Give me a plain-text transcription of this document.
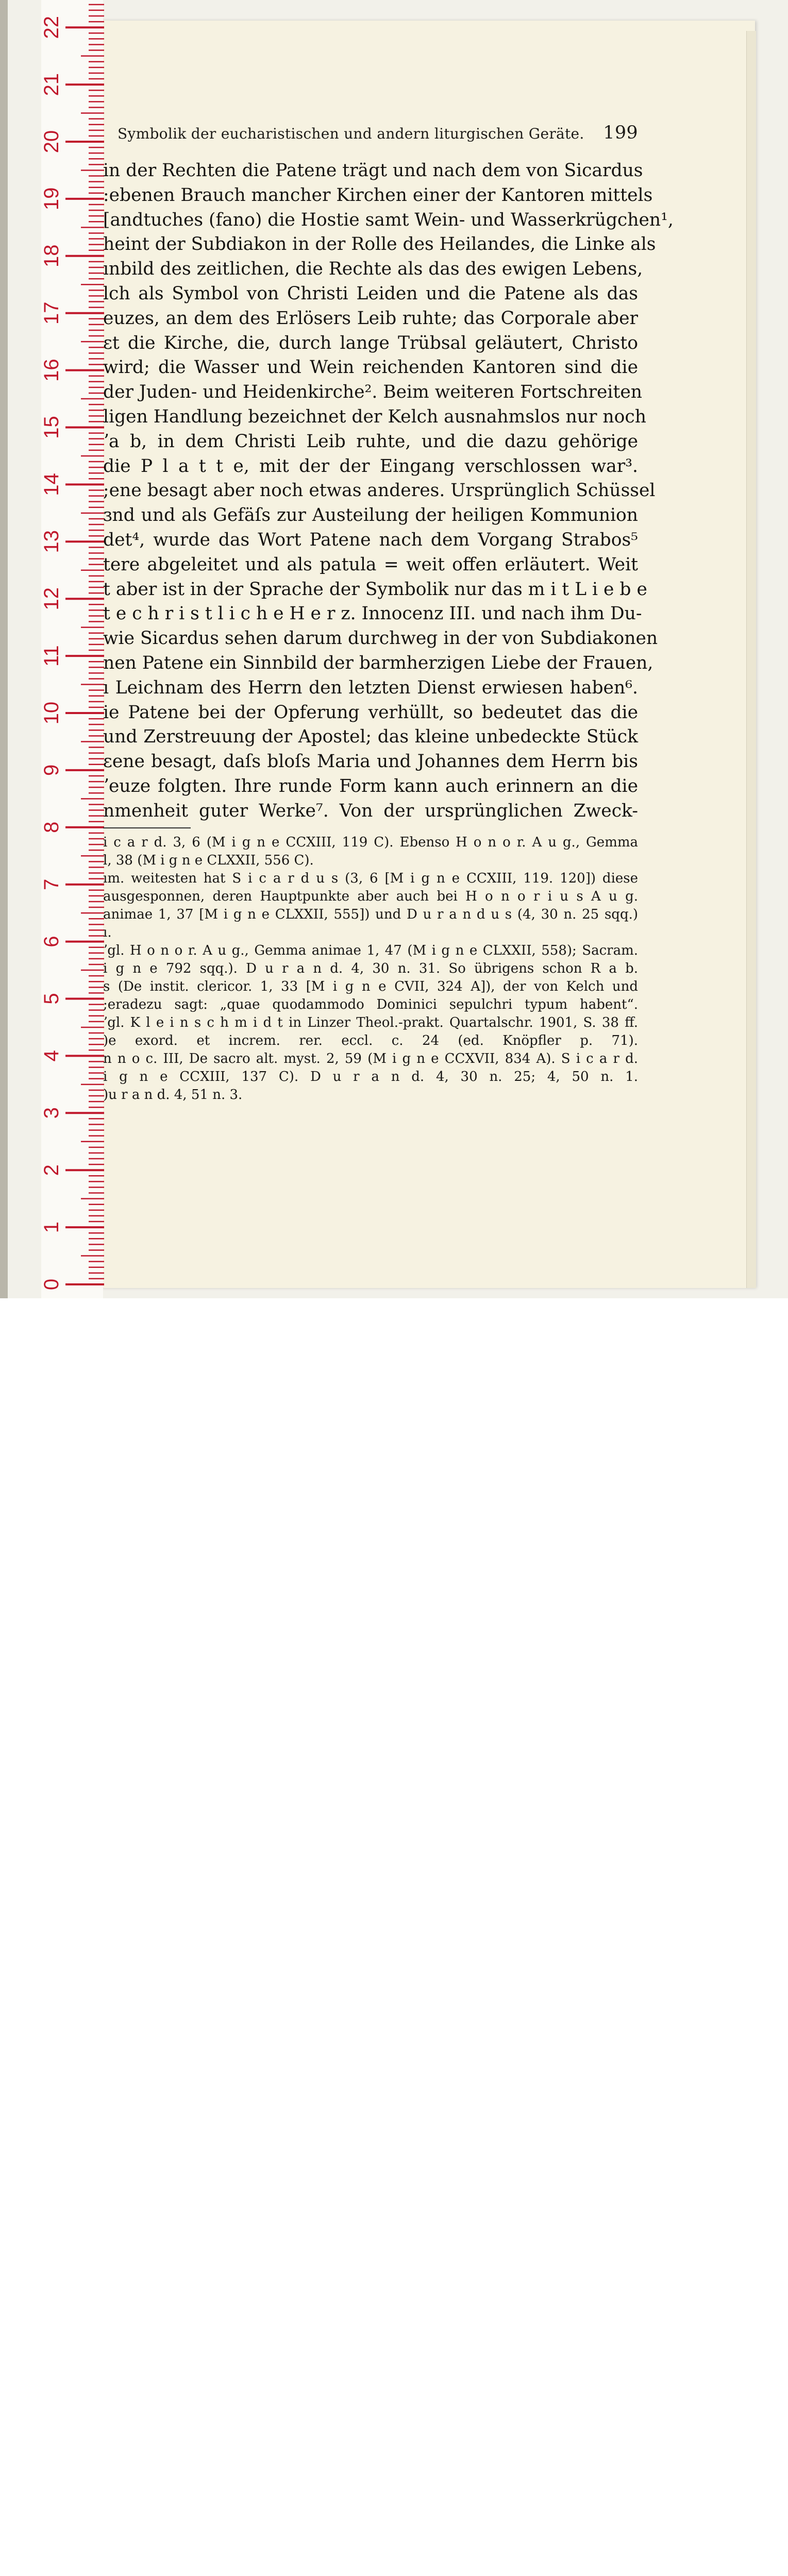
0
1
2
3
4
5
6
7
8
9
10
11
12
13
14
15
16
17
18
19
20
21
22
Symbolik der eucharistischen und andern liturgischen Geräte. 199
in der Rechten die Patene trägt und nach dem von Sicardus
:ebenen Brauch mancher Kirchen einer der Kantoren mittels
[andtuches (fano) die Hostie samt Wein- und Wasserkrügchen¹,
heint der Subdiakon in der Rolle des Heilandes, die Linke als
ınbild des zeitlichen, die Rechte als das des ewigen Lebens,
lch als Symbol von Christi Leiden und die Patene als das
euzes, an dem des Erlösers Leib ruhte; das Corporale aber
ɛt die Kirche, die, durch lange Trübsal geläutert, Christo
wird; die Wasser und Wein reichenden Kantoren sind die
der Juden- und Heidenkirche². Beim weiteren Fortschreiten
ligen Handlung bezeichnet der Kelch ausnahmslos nur noch
ʼa b, in dem Christi Leib ruhte, und die dazu gehörige
die P l a t t e, mit der der Eingang verschlossen war³.
;ene besagt aber noch etwas anderes. Ursprünglich Schüssel
ɜnd und als Gefäſs zur Austeilung der heiligen Kommunion
det⁴, wurde das Wort Patene nach dem Vorgang Strabos⁵
tere abgeleitet und als patula = weit offen erläutert. Weit
t aber ist in der Sprache der Symbolik nur das m i t L i e b e
t e c h r i s t l i c h e H e r z. Innocenz III. und nach ihm Du-
wie Sicardus sehen darum durchweg in der von Subdiakonen
nen Patene ein Sinnbild der barmherzigen Liebe der Frauen,
ı Leichnam des Herrn den letzten Dienst erwiesen haben⁶.
ie Patene bei der Opferung verhüllt, so bedeutet das die
und Zerstreuung der Apostel; das kleine unbedeckte Stück
ɛene besagt, daſs bloſs Maria und Johannes dem Herrn bis
ʼeuze folgten. Ihre runde Form kann auch erinnern an die
nmenheit guter Werke⁷. Von der ursprünglichen Zweck-
i c a r d. 3, 6 (M i g n e CCXIII, 119 C). Ebenso H o n o r. A u g., Gemma
l, 38 (M i g n e CLXXII, 556 C).
ım. weitesten hat S i c a r d u s (3, 6 [M i g n e CCXIII, 119. 120]) diese
ausgesponnen, deren Hauptpunkte aber auch bei H o n o r i u s A u g.
animae 1, 37 [M i g n e CLXXII, 555]) und D u r a n d u s (4, 30 n. 25 sqq.)
ı.
ʼgl. H o n o r. A u g., Gemma animae 1, 47 (M i g n e CLXXII, 558); Sacram.
i g n e 792 sqq.). D u r a n d. 4, 30 n. 31. So übrigens schon R a b.
s (De instit. clericor. 1, 33 [M i g n e CVII, 324 A]), der von Kelch und
;eradezu sagt: „quae quodammodo Dominici sepulchri typum habent“.
ʼgl. K l e i n s c h m i d t in Linzer Theol.-prakt. Quartalschr. 1901, S. 38 ff.
)e exord. et increm. rer. eccl. c. 24 (ed. Knöpfler p. 71).
n n o c. III, De sacro alt. myst. 2, 59 (M i g n e CCXVII, 834 A). S i c a r d.
i g n e CCXIII, 137 C). D u r a n d. 4, 30 n. 25; 4, 50 n. 1.
)u r a n d. 4, 51 n. 3.
